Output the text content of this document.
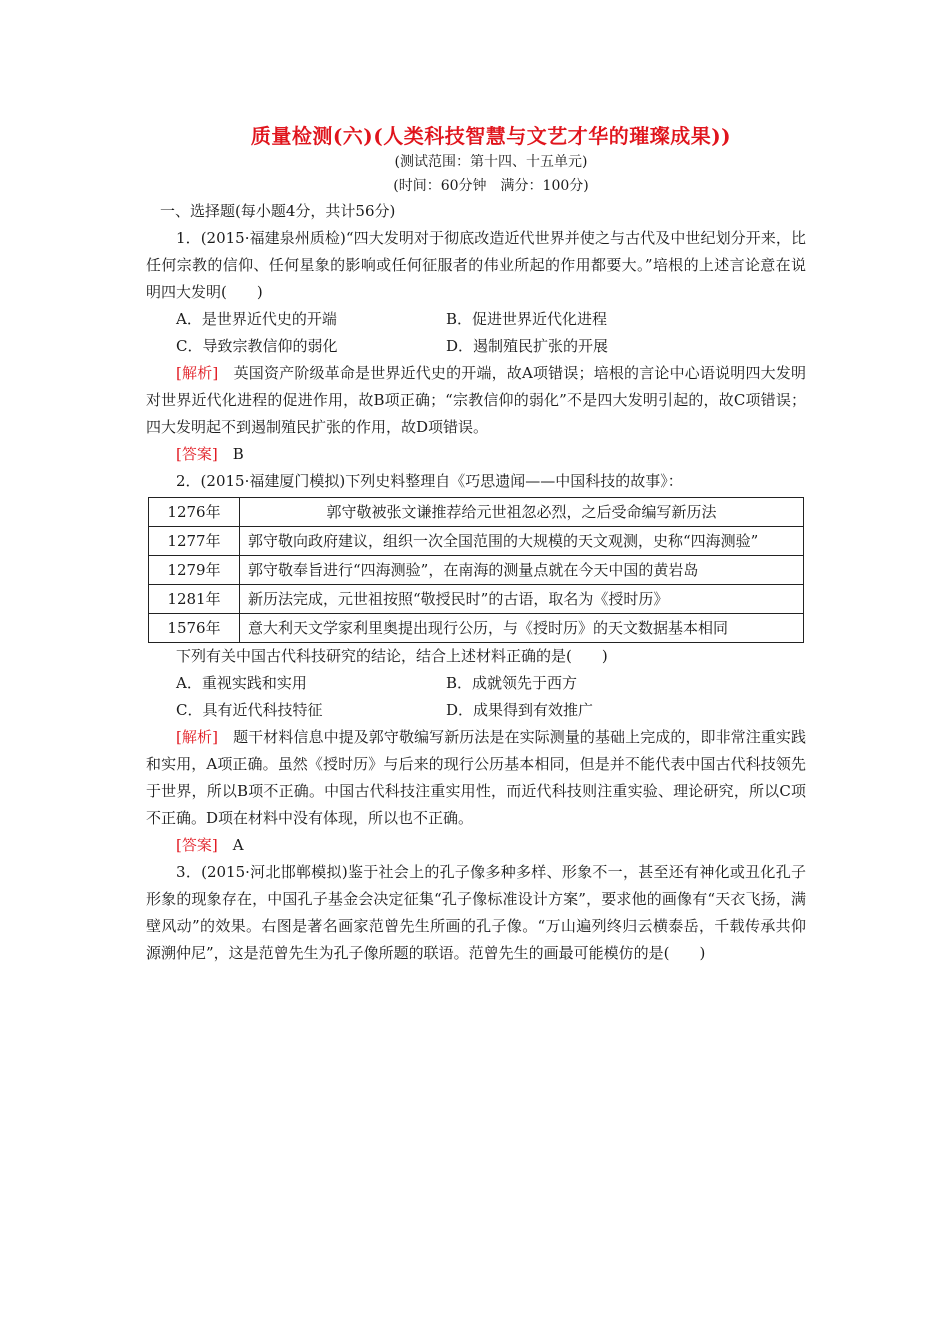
质量检测(六)(人类科技智慧与文艺才华的璀璨成果))
(测试范围：第十四、十五单元)
(时间：60分钟　满分：100分)
一、选择题(每小题4分，共计56分)

1．(2015·福建泉州质检)“四大发明对于彻底改造近代世界并使之与古代及中世纪划分开来，比任何宗教的信仰、任何星象的影响或任何征服者的伟业所起的作用都要大。”培根的上述言论意在说明四大发明(　　)

A．是世界近代史的开端	B．促进世界近代化进程
C．导致宗教信仰的弱化	D．遏制殖民扩张的开展

[解析]　英国资产阶级革命是世界近代史的开端，故A项错误；培根的言论中心语说明四大发明对世界近代化进程的促进作用，故B项正确；“宗教信仰的弱化”不是四大发明引起的，故C项错误；四大发明起不到遏制殖民扩张的作用，故D项错误。

[答案]　B

2．(2015·福建厦门模拟)下列史料整理自《巧思遗闻——中国科技的故事》：

1276年	郭守敬被张文谦推荐给元世祖忽必烈，之后受命编写新历法
1277年	郭守敬向政府建议，组织一次全国范围的大规模的天文观测，史称“四海测验”
1279年	郭守敬奉旨进行“四海测验”，在南海的测量点就在今天中国的黄岩岛
1281年	新历法完成，元世祖按照“敬授民时”的古语，取名为《授时历》
1576年	意大利天文学家利里奥提出现行公历，与《授时历》的天文数据基本相同
下列有关中国古代科技研究的结论，结合上述材料正确的是(　　)
A．重视实践和实用	B．成就领先于西方
C．具有近代科技特征	D．成果得到有效推广

[解析]　题干材料信息中提及郭守敬编写新历法是在实际测量的基础上完成的，即非常注重实践和实用，A项正确。虽然《授时历》与后来的现行公历基本相同，但是并不能代表中国古代科技领先于世界，所以B项不正确。中国古代科技注重实用性，而近代科技则注重实验、理论研究，所以C项不正确。D项在材料中没有体现，所以也不正确。

[答案]　A

3．(2015·河北邯郸模拟)鉴于社会上的孔子像多种多样、形象不一，甚至还有神化或丑化孔子形象的现象存在，中国孔子基金会决定征集“孔子像标准设计方案”，要求他的画像有“天衣飞扬，满壁风动”的效果。右图是著名画家范曾先生所画的孔子像。“万山遍列终归云横泰岳，千载传承共仰源溯仲尼”，这是范曾先生为孔子像所题的联语。范曾先生的画最可能模仿的是(　　)
